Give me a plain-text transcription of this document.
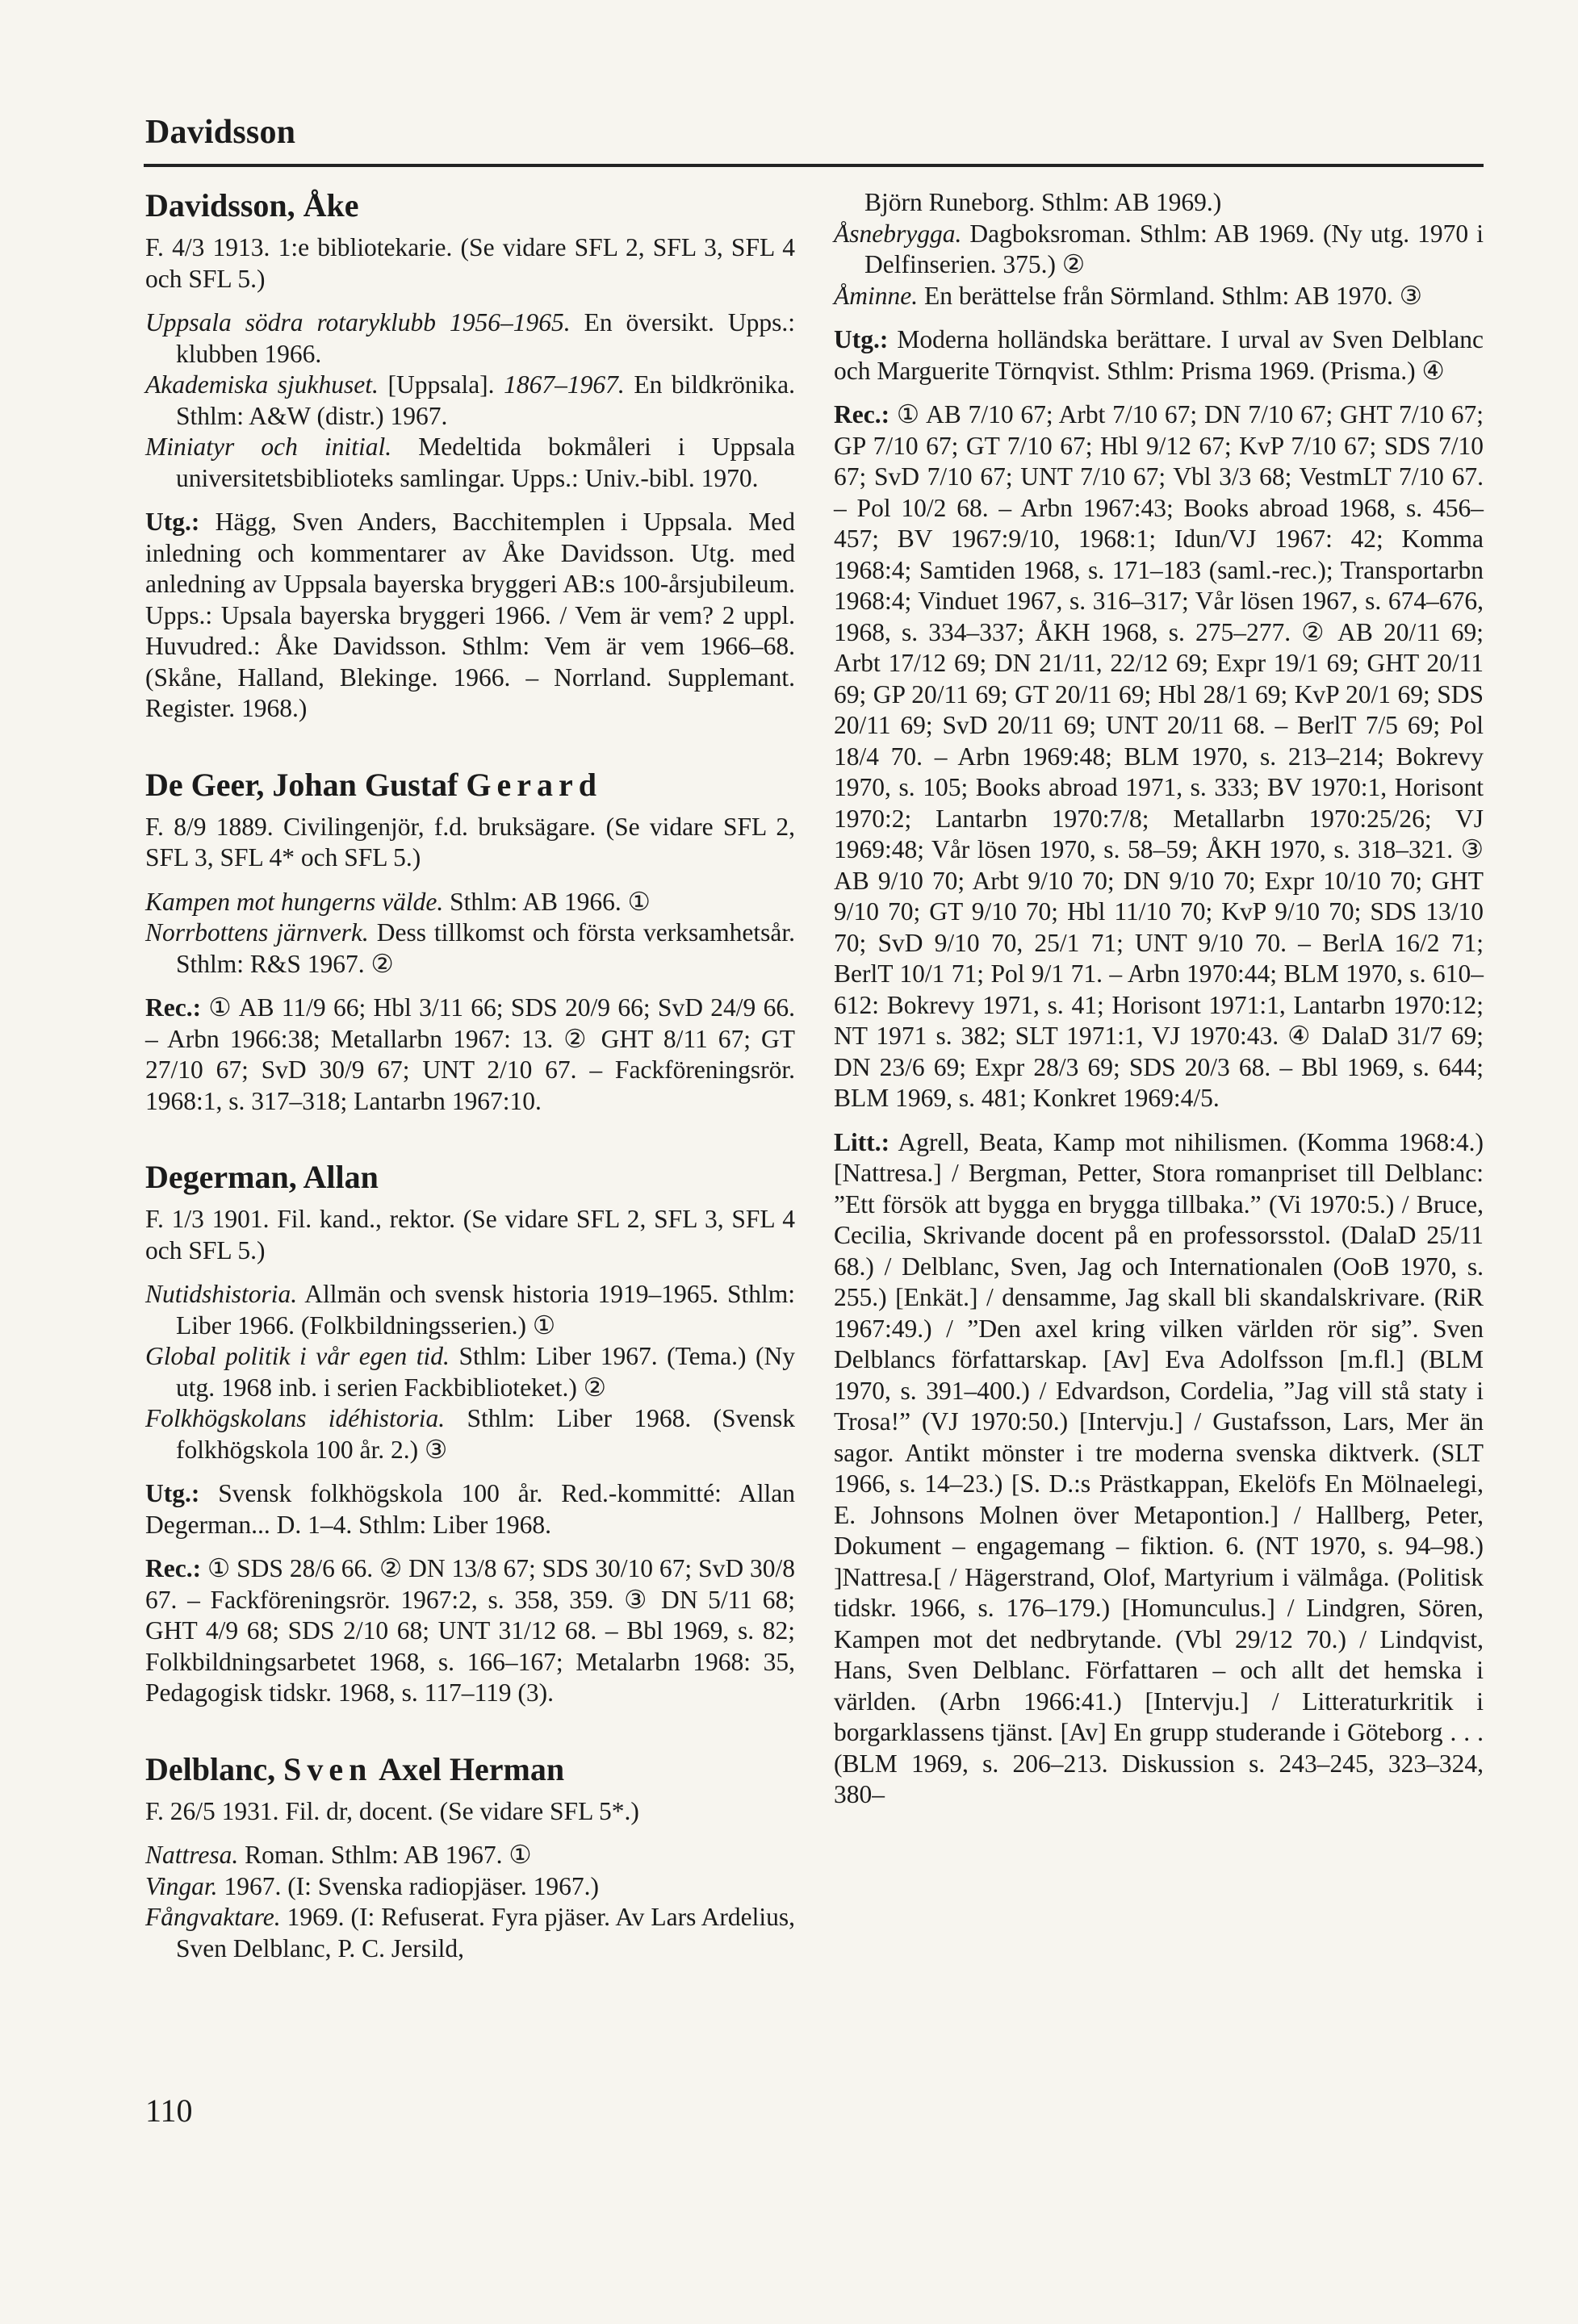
Davidsson
Davidsson, Åke

F. 4/3 1913. 1:e bibliotekarie. (Se vidare SFL 2, SFL 3, SFL 4 och SFL 5.)

Uppsala södra rotaryklubb 1956–1965. En översikt. Upps.: klubben 1966.

Akademiska sjukhuset. [Uppsala]. 1867–1967. En bildkrönika. Sthlm: A&W (distr.) 1967.

Miniatyr och initial. Medeltida bokmåleri i Uppsala universitetsbiblioteks samlingar. Upps.: Univ.-bibl. 1970.

Utg.: Hägg, Sven Anders, Bacchitemplen i Uppsala. Med inledning och kommentarer av Åke Davidsson. Utg. med anledning av Uppsala bayerska bryggeri AB:s 100-årsjubileum. Upps.: Upsala bayerska bryggeri 1966. / Vem är vem? 2 uppl. Huvudred.: Åke Davidsson. Sthlm: Vem är vem 1966–68. (Skåne, Halland, Blekinge. 1966. – Norrland. Supplemant. Register. 1968.)

De Geer, Johan Gustaf Gerard

F. 8/9 1889. Civilingenjör, f.d. bruksägare. (Se vidare SFL 2, SFL 3, SFL 4* och SFL 5.)

Kampen mot hungerns välde. Sthlm: AB 1966. ①

Norrbottens järnverk. Dess tillkomst och första verksamhetsår. Sthlm: R&S 1967. ②

Rec.: ① AB 11/9 66; Hbl 3/11 66; SDS 20/9 66; SvD 24/9 66. – Arbn 1966:38; Metallarbn 1967: 13. ② GHT 8/11 67; GT 27/10 67; SvD 30/9 67; UNT 2/10 67. – Fackföreningsrör. 1968:1, s. 317–318; Lantarbn 1967:10.

Degerman, Allan

F. 1/3 1901. Fil. kand., rektor. (Se vidare SFL 2, SFL 3, SFL 4 och SFL 5.)

Nutidshistoria. Allmän och svensk historia 1919–1965. Sthlm: Liber 1966. (Folkbildningsserien.) ①

Global politik i vår egen tid. Sthlm: Liber 1967. (Tema.) (Ny utg. 1968 inb. i serien Fackbiblioteket.) ②

Folkhögskolans idéhistoria. Sthlm: Liber 1968. (Svensk folkhögskola 100 år. 2.) ③

Utg.: Svensk folkhögskola 100 år. Red.-kommitté: Allan Degerman... D. 1–4. Sthlm: Liber 1968.

Rec.: ① SDS 28/6 66. ② DN 13/8 67; SDS 30/10 67; SvD 30/8 67. – Fackföreningsrör. 1967:2, s. 358, 359. ③ DN 5/11 68; GHT 4/9 68; SDS 2/10 68; UNT 31/12 68. – Bbl 1969, s. 82; Folkbildningsarbetet 1968, s. 166–167; Metalarbn 1968: 35, Pedagogisk tidskr. 1968, s. 117–119 (3).

Delblanc, Sven Axel Herman

F. 26/5 1931. Fil. dr, docent. (Se vidare SFL 5*.)

Nattresa. Roman. Sthlm: AB 1967. ①

Vingar. 1967. (I: Svenska radiopjäser. 1967.)

Fångvaktare. 1969. (I: Refuserat. Fyra pjäser. Av Lars Ardelius, Sven Delblanc, P. C. Jersild,

Björn Runeborg. Sthlm: AB 1969.)

Åsnebrygga. Dagboksroman. Sthlm: AB 1969. (Ny utg. 1970 i Delfinserien. 375.) ②

Åminne. En berättelse från Sörmland. Sthlm: AB 1970. ③

Utg.: Moderna holländska berättare. I urval av Sven Delblanc och Marguerite Törnqvist. Sthlm: Prisma 1969. (Prisma.) ④

Rec.: ① AB 7/10 67; Arbt 7/10 67; DN 7/10 67; GHT 7/10 67; GP 7/10 67; GT 7/10 67; Hbl 9/12 67; KvP 7/10 67; SDS 7/10 67; SvD 7/10 67; UNT 7/10 67; Vbl 3/3 68; VestmLT 7/10 67. – Pol 10/2 68. – Arbn 1967:43; Books abroad 1968, s. 456–457; BV 1967:9/10, 1968:1; Idun/VJ 1967: 42; Komma 1968:4; Samtiden 1968, s. 171–183 (saml.-rec.); Transportarbn 1968:4; Vinduet 1967, s. 316–317; Vår lösen 1967, s. 674–676, 1968, s. 334–337; ÅKH 1968, s. 275–277. ② AB 20/11 69; Arbt 17/12 69; DN 21/11, 22/12 69; Expr 19/1 69; GHT 20/11 69; GP 20/11 69; GT 20/11 69; Hbl 28/1 69; KvP 20/1 69; SDS 20/11 69; SvD 20/11 69; UNT 20/11 68. – BerlT 7/5 69; Pol 18/4 70. – Arbn 1969:48; BLM 1970, s. 213–214; Bokrevy 1970, s. 105; Books abroad 1971, s. 333; BV 1970:1, Horisont 1970:2; Lantarbn 1970:7/8; Metallarbn 1970:25/26; VJ 1969:48; Vår lösen 1970, s. 58–59; ÅKH 1970, s. 318–321. ③ AB 9/10 70; Arbt 9/10 70; DN 9/10 70; Expr 10/10 70; GHT 9/10 70; GT 9/10 70; Hbl 11/10 70; KvP 9/10 70; SDS 13/10 70; SvD 9/10 70, 25/1 71; UNT 9/10 70. – BerlA 16/2 71; BerlT 10/1 71; Pol 9/1 71. – Arbn 1970:44; BLM 1970, s. 610–612: Bokrevy 1971, s. 41; Horisont 1971:1, Lantarbn 1970:12; NT 1971 s. 382; SLT 1971:1, VJ 1970:43. ④ DalaD 31/7 69; DN 23/6 69; Expr 28/3 69; SDS 20/3 68. – Bbl 1969, s. 644; BLM 1969, s. 481; Konkret 1969:4/5.

Litt.: Agrell, Beata, Kamp mot nihilismen. (Komma 1968:4.) [Nattresa.] / Bergman, Petter, Stora romanpriset till Delblanc: ”Ett försök att bygga en brygga tillbaka.” (Vi 1970:5.) / Bruce, Cecilia, Skrivande docent på en professorsstol. (DalaD 25/11 68.) / Delblanc, Sven, Jag och Internationalen (OoB 1970, s. 255.) [Enkät.] / densamme, Jag skall bli skandalskrivare. (RiR 1967:49.) / ”Den axel kring vilken världen rör sig”. Sven Delblancs författarskap. [Av] Eva Adolfsson [m.fl.] (BLM 1970, s. 391–400.) / Edvardson, Cordelia, ”Jag vill stå staty i Trosa!” (VJ 1970:50.) [Intervju.] / Gustafsson, Lars, Mer än sagor. Antikt mönster i tre moderna svenska diktverk. (SLT 1966, s. 14–23.) [S. D.:s Prästkappan, Ekelöfs En Mölnaelegi, E. Johnsons Molnen över Metapontion.] / Hallberg, Peter, Dokument – engagemang – fiktion. 6. (NT 1970, s. 94–98.) ]Nattresa.[ / Hägerstrand, Olof, Martyrium i välmåga. (Politisk tidskr. 1966, s. 176–179.) [Homunculus.] / Lindgren, Sören, Kampen mot det nedbrytande. (Vbl 29/12 70.) / Lindqvist, Hans, Sven Delblanc. Författaren – och allt det hemska i världen. (Arbn 1966:41.) [Intervju.] / Litteraturkritik i borgarklassens tjänst. [Av] En grupp studerande i Göteborg . . . (BLM 1969, s. 206–213. Diskussion s. 243–245, 323–324, 380–

110
